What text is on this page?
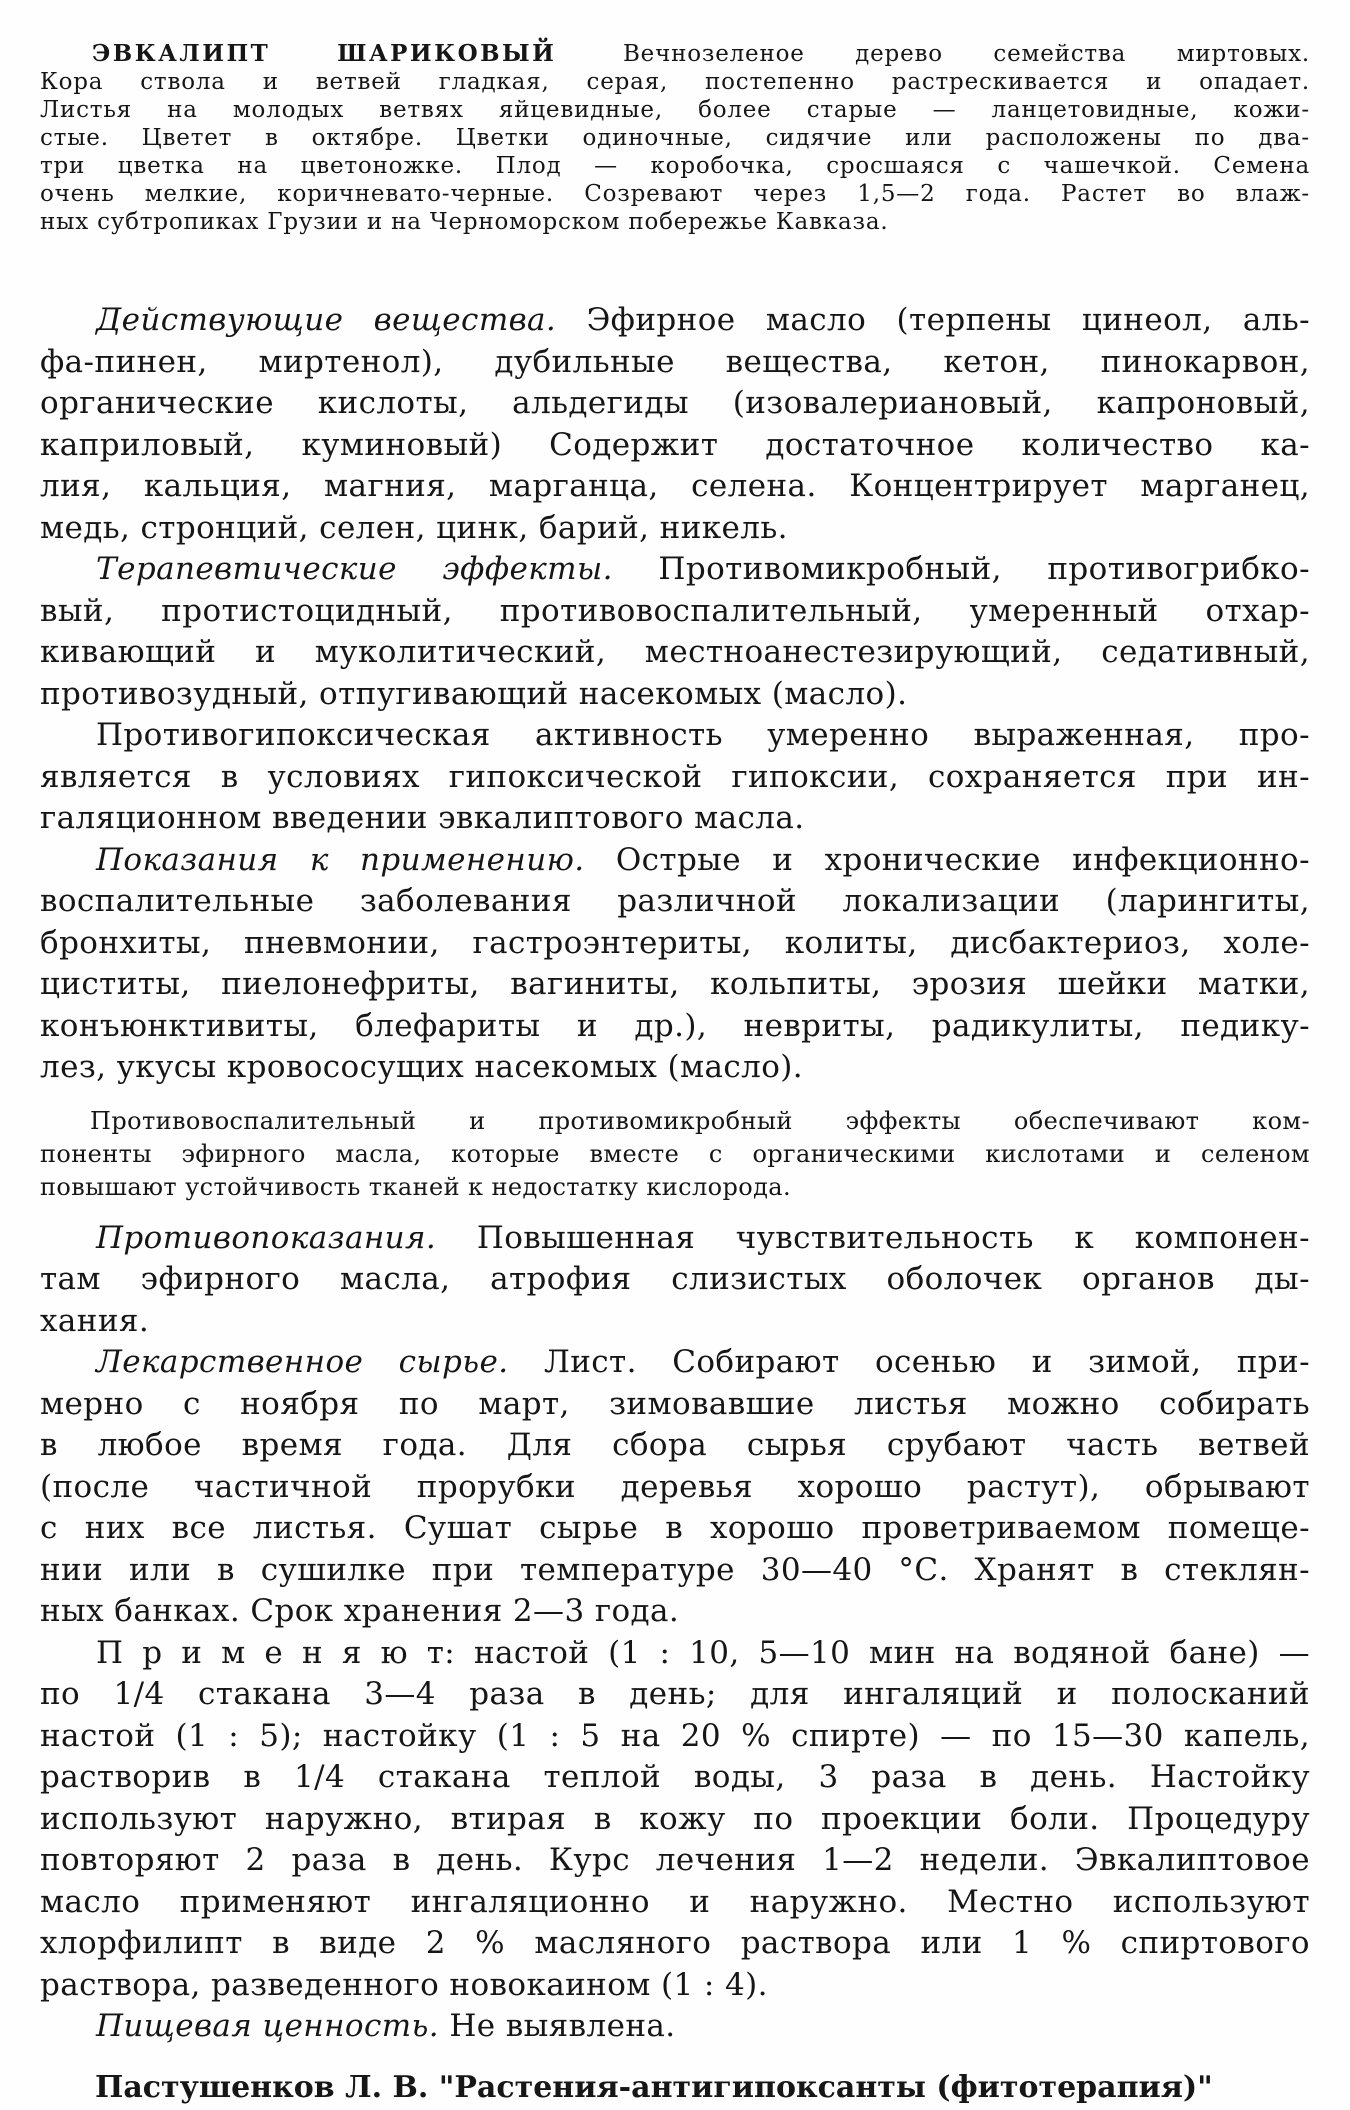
ЭВКАЛИПТ ШАРИКОВЫЙ	Вечнозеленое дерево семейства миртовых.
Кора ствола и ветвей гладкая, серая, постепенно растрескивается и опадает.
Листья на молодых ветвях яйцевидные, более старые — ланцетовидные, кожи-
стые. Цветет в октябре. Цветки одиночные, сидячие или расположены по два-
три цветка на цветоножке. Плод — коробочка, сросшаяся с чашечкой. Семена
очень мелкие, коричневато-черные. Созревают через 1,5—2 года. Растет во влаж-
ных субтропиках Грузии и на Черноморском побережье Кавказа.
Действующие вещества. Эфирное масло (терпены цинеол, аль-
фа-пинен, миртенол), дубильные вещества, кетон, пинокарвон,
органические кислоты, альдегиды (изовалериановый, капроновый,
каприловый, куминовый) Содержит достаточное количество ка-
лия, кальция, магния, марганца, селена. Концентрирует марганец,
медь, стронций, селен, цинк, барий, никель.
Терапевтические эффекты. Противомикробный, противогрибко-
вый, протистоцидный, противовоспалительный, умеренный отхар-
кивающий и муколитический, местноанестезирующий, седативный,
противозудный, отпугивающий насекомых (масло).
Противогипоксическая активность умеренно выраженная, про-
является в условиях гипоксической гипоксии, сохраняется при ин-
галяционном введении эвкалиптового масла.
Показания к применению. Острые и хронические инфекционно-
воспалительные заболевания различной локализации (ларингиты,
бронхиты, пневмонии, гастроэнтериты, колиты, дисбактериоз, холе-
циститы, пиелонефриты, вагиниты, кольпиты, эрозия шейки матки,
конъюнктивиты, блефариты и др.), невриты, радикулиты, педику-
лез, укусы кровососущих насекомых (масло).
Противовоспалительный и противомикробный эффекты обеспечивают ком-
поненты эфирного масла, которые вместе с органическими кислотами и селеном
повышают устойчивость тканей к недостатку кислорода.
Противопоказания. Повышенная чувствительность к компонен-
там эфирного масла, атрофия слизистых оболочек органов ды-
хания.
Лекарственное сырье. Лист. Собирают осенью и зимой, при-
мерно с ноября по март, зимовавшие листья можно собирать
в любое время года. Для сбора сырья срубают часть ветвей
(после частичной прорубки деревья хорошо растут), обрывают
с них все листья. Сушат сырье в хорошо проветриваемом помеще-
нии или в сушилке при температуре 30—40 °С. Хранят в стеклян-
ных банках. Срок хранения 2—3 года.
П р и м е н я ю т: настой (1 : 10, 5—10 мин на водяной бане) —
по 1/4 стакана 3—4 раза в день; для ингаляций и полосканий
настой (1 : 5); настойку (1 : 5 на 20 % спирте) — по 15—30 капель,
растворив в 1/4 стакана теплой воды, 3 раза в день. Настойку
используют наружно, втирая в кожу по проекции боли. Процедуру
повторяют 2 раза в день. Курс лечения 1—2 недели. Эвкалиптовое
масло применяют ингаляционно и наружно. Местно используют
хлорфилипт в виде 2 % масляного раствора или 1 % спиртового
раствора, разведенного новокаином (1 : 4).
Пищевая ценность. Не выявлена.
Пастушенков Л. В. "Растения-антигипоксанты (фитотерапия)"
